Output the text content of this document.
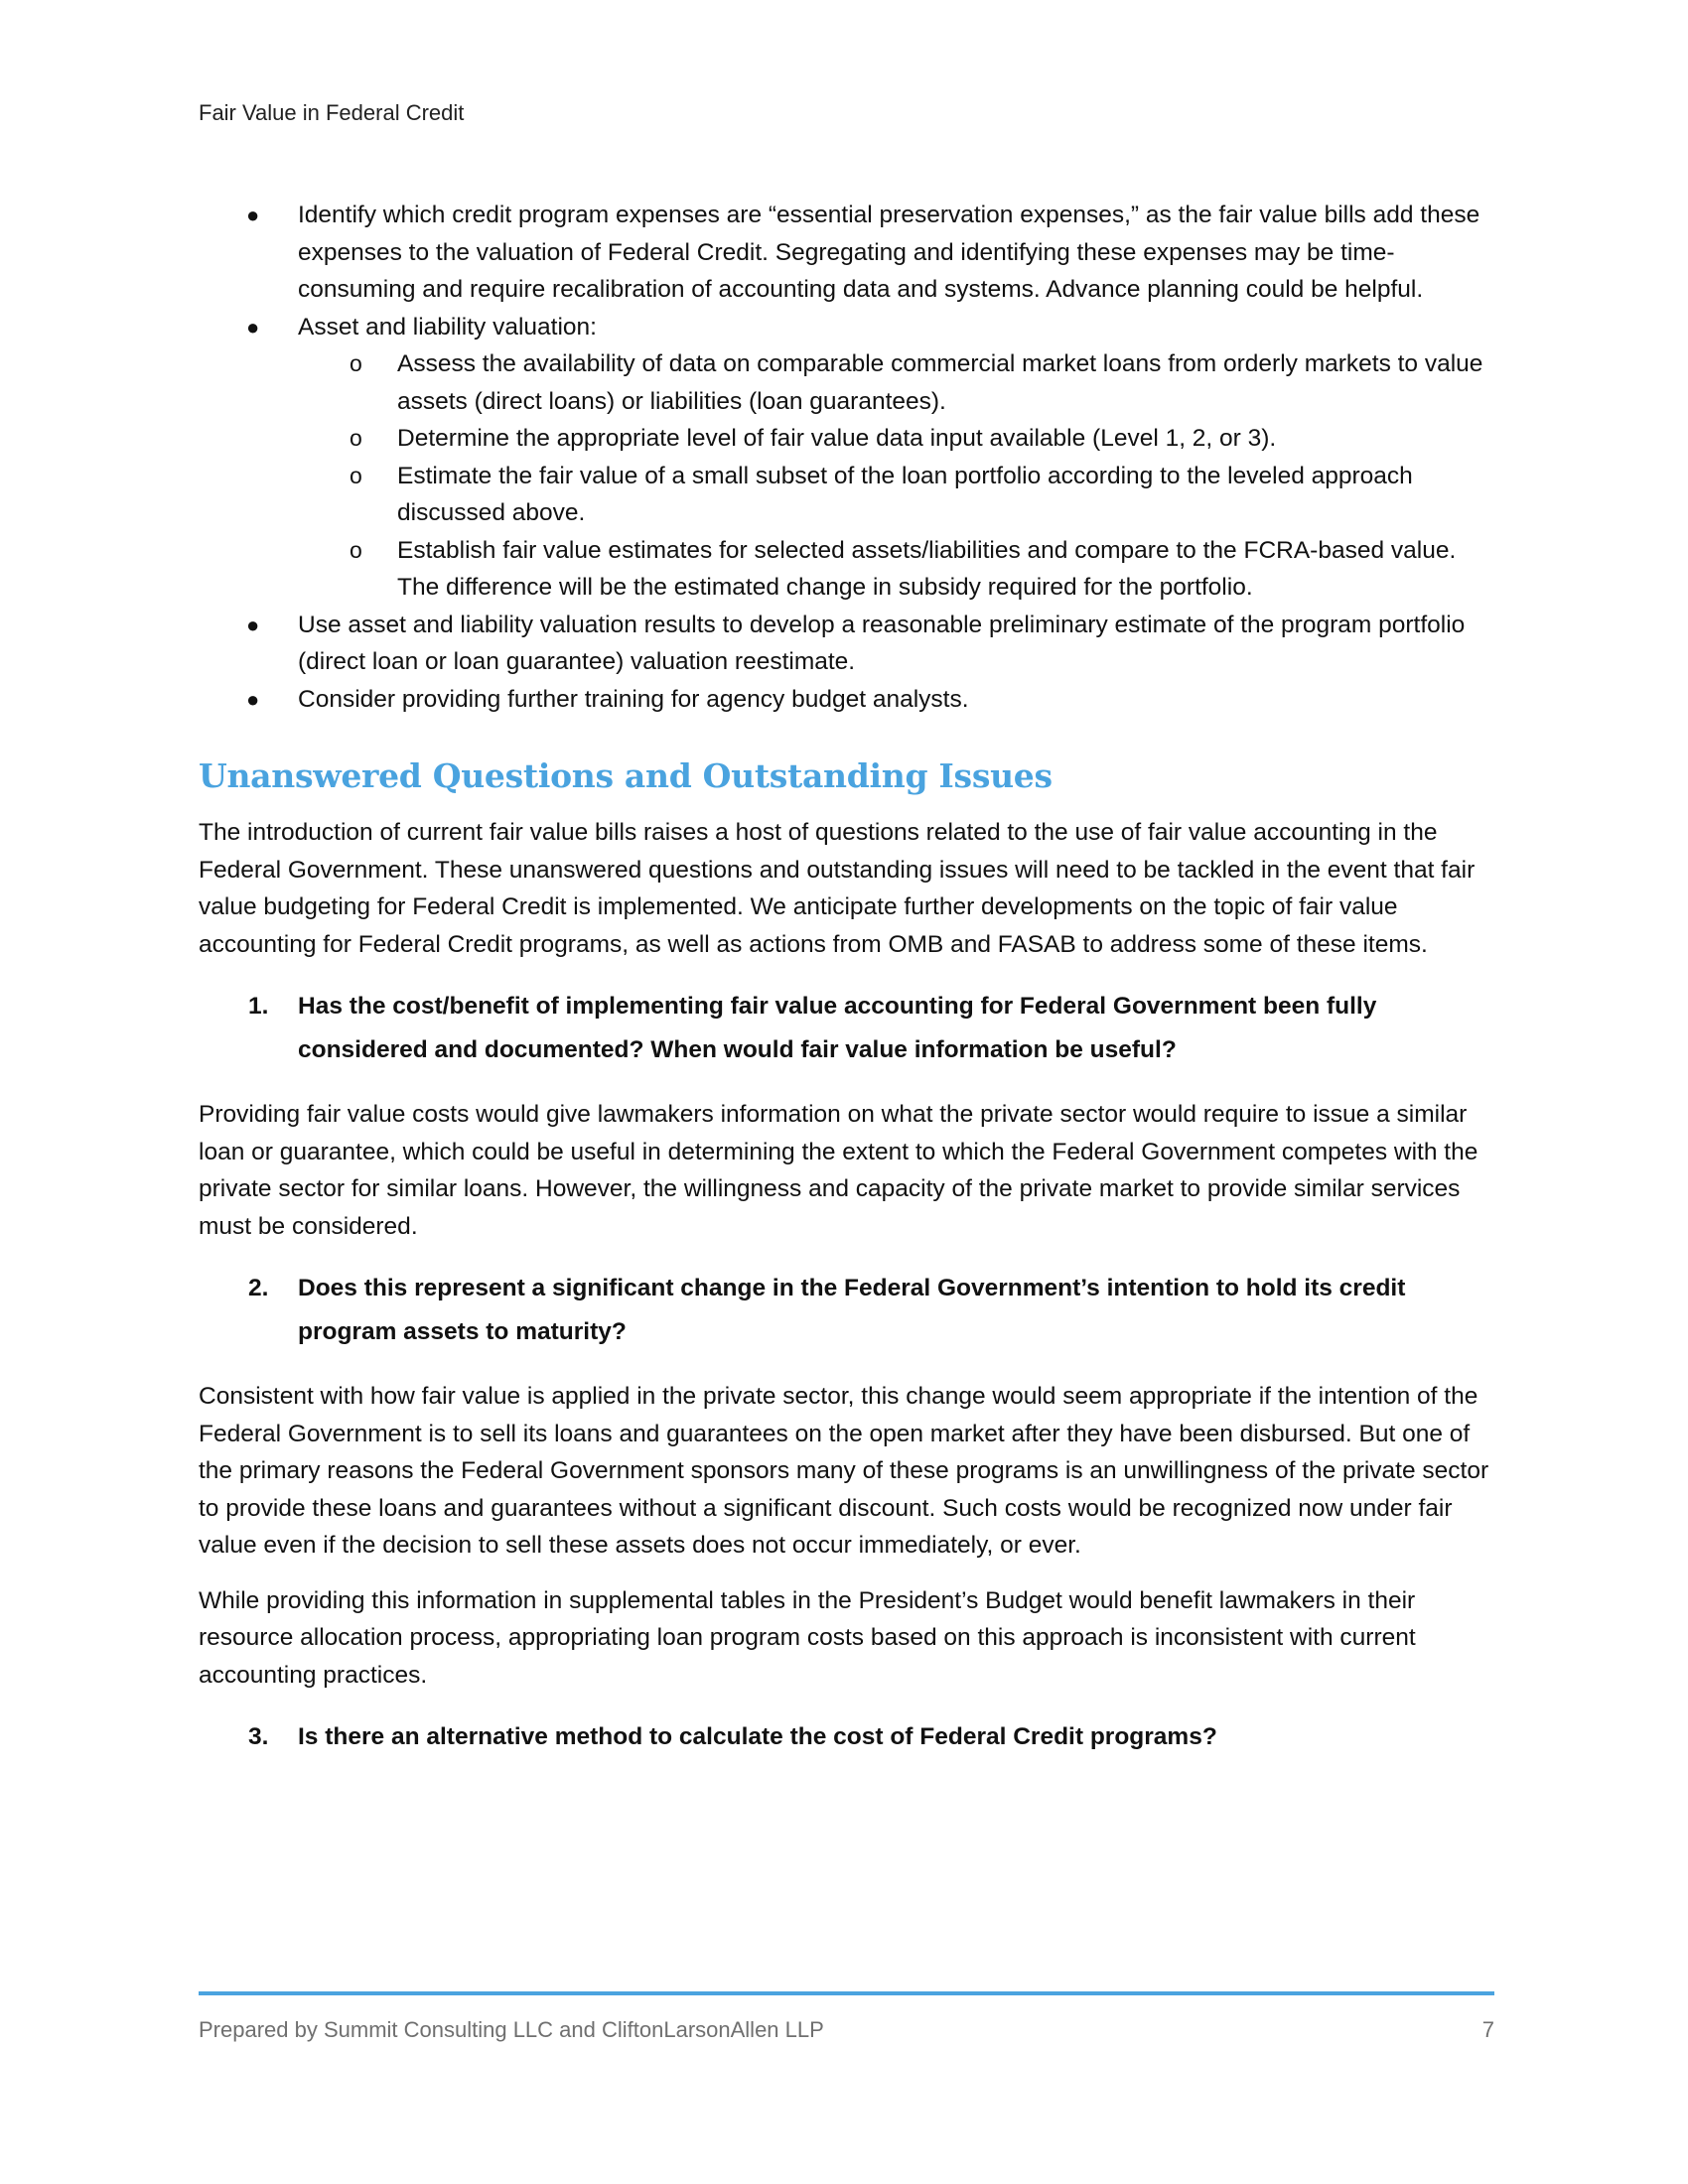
Fair Value in Federal Credit
● Identify which credit program expenses are “essential preservation expenses,” as the fair value bills add these expenses to the valuation of Federal Credit. Segregating and identifying these expenses may be time-consuming and require recalibration of accounting data and systems. Advance planning could be helpful.
● Asset and liability valuation:
o Assess the availability of data on comparable commercial market loans from orderly markets to value assets (direct loans) or liabilities (loan guarantees).
o Determine the appropriate level of fair value data input available (Level 1, 2, or 3).
o Estimate the fair value of a small subset of the loan portfolio according to the leveled approach discussed above.
o Establish fair value estimates for selected assets/liabilities and compare to the FCRA-based value. The difference will be the estimated change in subsidy required for the portfolio.
● Use asset and liability valuation results to develop a reasonable preliminary estimate of the program portfolio (direct loan or loan guarantee) valuation reestimate.
● Consider providing further training for agency budget analysts.
Unanswered Questions and Outstanding Issues

The introduction of current fair value bills raises a host of questions related to the use of fair value accounting in the Federal Government. These unanswered questions and outstanding issues will need to be tackled in the event that fair value budgeting for Federal Credit is implemented. We anticipate further developments on the topic of fair value accounting for Federal Credit programs, as well as actions from OMB and FASAB to address some of these items.

1. Has the cost/benefit of implementing fair value accounting for Federal Government been fully considered and documented? When would fair value information be useful?

Providing fair value costs would give lawmakers information on what the private sector would require to issue a similar loan or guarantee, which could be useful in determining the extent to which the Federal Government competes with the private sector for similar loans. However, the willingness and capacity of the private market to provide similar services must be considered.

2. Does this represent a significant change in the Federal Government’s intention to hold its credit program assets to maturity?

Consistent with how fair value is applied in the private sector, this change would seem appropriate if the intention of the Federal Government is to sell its loans and guarantees on the open market after they have been disbursed. But one of the primary reasons the Federal Government sponsors many of these programs is an unwillingness of the private sector to provide these loans and guarantees without a significant discount. Such costs would be recognized now under fair value even if the decision to sell these assets does not occur immediately, or ever.

While providing this information in supplemental tables in the President’s Budget would benefit lawmakers in their resource allocation process, appropriating loan program costs based on this approach is inconsistent with current accounting practices.

3. Is there an alternative method to calculate the cost of Federal Credit programs?
Prepared by Summit Consulting LLC and CliftonLarsonAllen LLP	7
